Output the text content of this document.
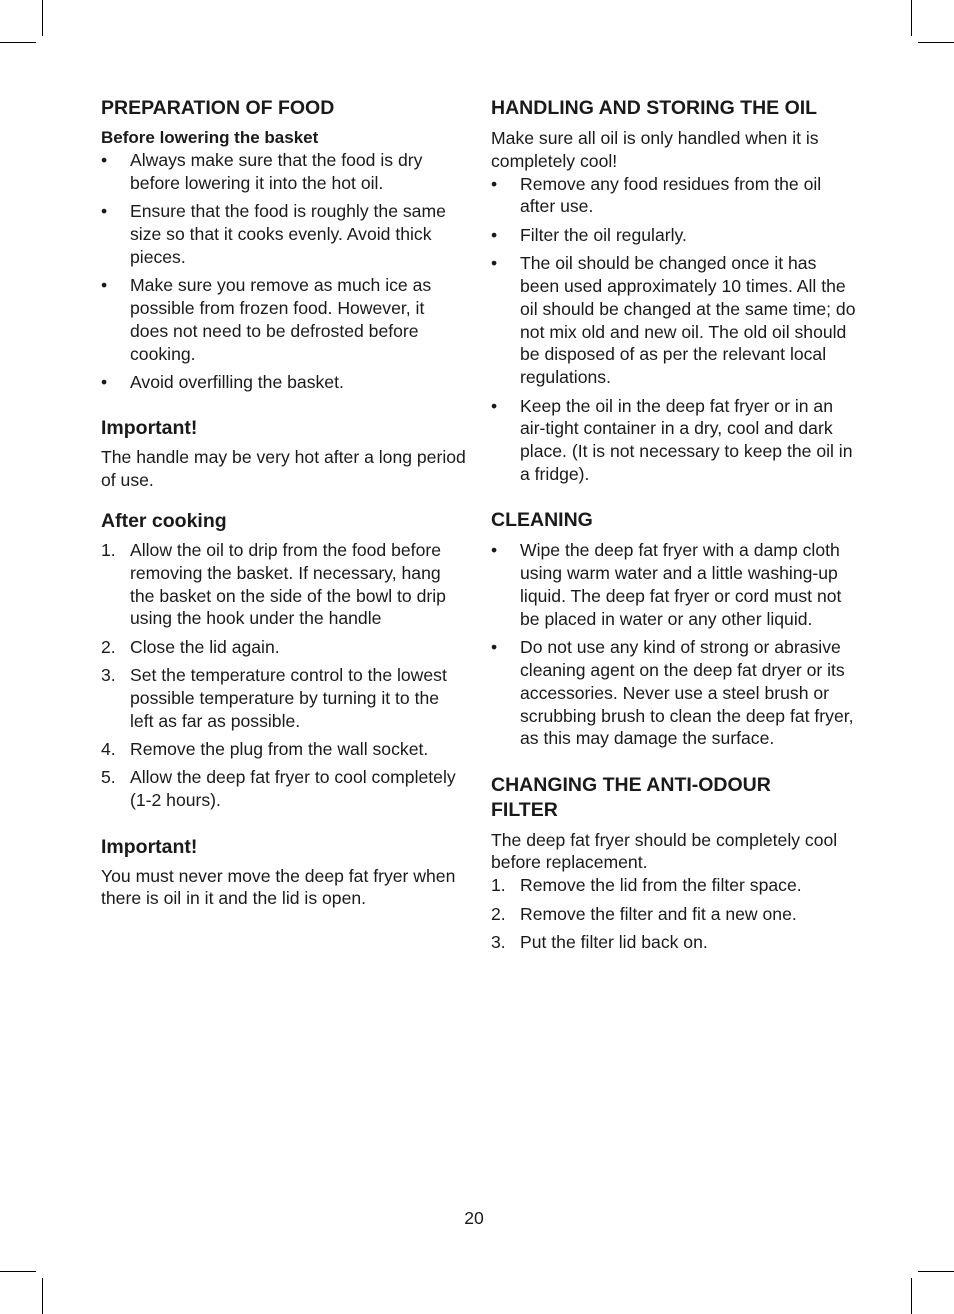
PREPARATION OF FOOD
Before lowering the basket
• Always make sure that the food is dry before lowering it into the hot oil.
• Ensure that the food is roughly the same size so that it cooks evenly. Avoid thick pieces.
• Make sure you remove as much ice as possible from frozen food. However, it does not need to be defrosted before cooking.
• Avoid overfilling the basket.
Important!

The handle may be very hot after a long period of use.

After cooking
1. Allow the oil to drip from the food before removing the basket. If necessary, hang the basket on the side of the bowl to drip using the hook under the handle
2. Close the lid again.
3. Set the temperature control to the lowest possible temperature by turning it to the left as far as possible.
4. Remove the plug from the wall socket.
5. Allow the deep fat fryer to cool completely (1-2 hours).
Important!

You must never move the deep fat fryer when there is oil in it and the lid is open.

HANDLING AND STORING THE OIL

Make sure all oil is only handled when it is completely cool!

• Remove any food residues from the oil after use.
• Filter the oil regularly.
• The oil should be changed once it has been used approximately 10 times. All the oil should be changed at the same time; do not mix old and new oil. The old oil should be disposed of as per the relevant local regulations.
• Keep the oil in the deep fat fryer or in an air-tight container in a dry, cool and dark place. (It is not necessary to keep the oil in a fridge).
CLEANING
• Wipe the deep fat fryer with a damp cloth using warm water and a little washing-up liquid. The deep fat fryer or cord must not be placed in water or any other liquid.
• Do not use any kind of strong or abrasive cleaning agent on the deep fat dryer or its accessories. Never use a steel brush or scrubbing brush to clean the deep fat fryer, as this may damage the surface.
CHANGING THE ANTI-ODOUR FILTER

The deep fat fryer should be completely cool before replacement.

1. Remove the lid from the filter space.
2. Remove the filter and fit a new one.
3. Put the filter lid back on.
20
